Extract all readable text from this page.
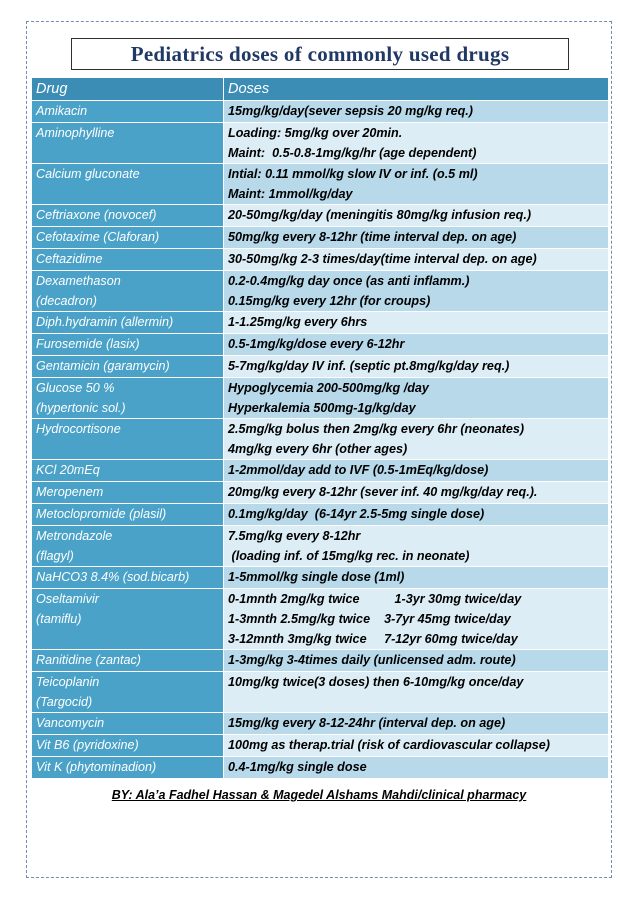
Pediatrics doses of commonly used drugs
Drug	Doses

Amikacin	15mg/kg/day(sever sepsis 20 mg/kg req.)

Aminophylline	Loading: 5mg/kg over 20min.
Maint:  0.5-0.8-1mg/kg/hr (age dependent)

Calcium gluconate	Intial: 0.11 mmol/kg slow IV or inf. (o.5 ml)
Maint: 1mmol/kg/day

Ceftriaxone (novocef)	20-50mg/kg/day (meningitis 80mg/kg infusion req.)

Cefotaxime (Claforan)	50mg/kg every 8-12hr (time interval dep. on age)

Ceftazidime	30-50mg/kg 2-3 times/day(time interval dep. on age)

Dexamethason
(decadron)	0.2-0.4mg/kg day once (as anti inflamm.)
0.15mg/kg every 12hr (for croups)

Diph.hydramin (allermin)	1-1.25mg/kg every 6hrs

Furosemide (lasix)	0.5-1mg/kg/dose every 6-12hr

Gentamicin (garamycin)	5-7mg/kg/day IV inf. (septic pt.8mg/kg/day req.)

Glucose 50 %
(hypertonic sol.)	Hypoglycemia 200-500mg/kg /day
Hyperkalemia 500mg-1g/kg/day

Hydrocortisone	2.5mg/kg bolus then 2mg/kg every 6hr (neonates)
4mg/kg every 6hr (other ages)

KCl 20mEq	1-2mmol/day add to IVF (0.5-1mEq/kg/dose)

Meropenem	20mg/kg every 8-12hr (sever inf. 40 mg/kg/day req.).

Metoclopromide (plasil)	0.1mg/kg/day  (6-14yr 2.5-5mg single dose)

Metrondazole
(flagyl)	7.5mg/kg every 8-12hr
(loading inf. of 15mg/kg rec. in neonate)

NaHCO3 8.4% (sod.bicarb)	1-5mmol/kg single dose (1ml)

Oseltamivir
(tamiflu)	0-1mnth 2mg/kg twice          1-3yr 30mg twice/day
1-3mnth 2.5mg/kg twice    3-7yr 45mg twice/day
3-12mnth 3mg/kg twice     7-12yr 60mg twice/day

Ranitidine (zantac)	1-3mg/kg 3-4times daily (unlicensed adm. route)

Teicoplanin
(Targocid)	10mg/kg twice(3 doses) then 6-10mg/kg once/day

Vancomycin	15mg/kg every 8-12-24hr (interval dep. on age)

Vit B6 (pyridoxine)	100mg as therap.trial (risk of cardiovascular collapse)

Vit K (phytominadion)	0.4-1mg/kg single dose
BY: Ala’a Fadhel Hassan & Magedel Alshams Mahdi/clinical pharmacy
